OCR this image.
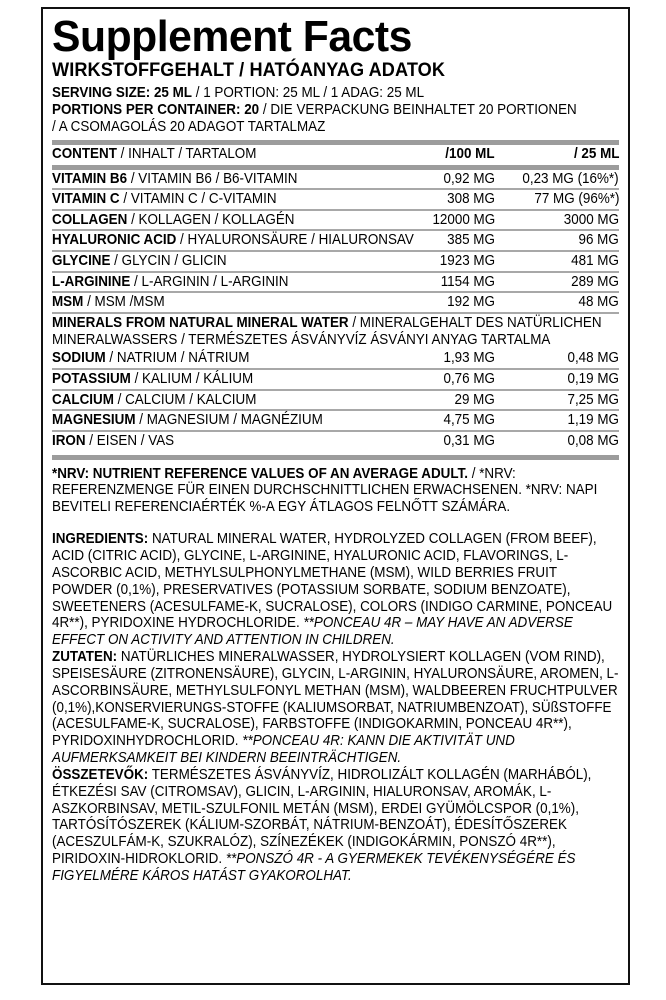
Supplement Facts
WIRKSTOFFGEHALT / HATÓANYAG ADATOK
SERVING SIZE: 25 ML / 1 PORTION: 25 ML / 1 ADAG: 25 ML
PORTIONS PER CONTAINER: 20 / DIE VERPACKUNG BEINHALTET 20 PORTIONEN
/ A CSOMAGOLÁS 20 ADAGOT TARTALMAZ
CONTENT / INHALT / TARTALOM	/100 ML	/ 25 ML

VITAMIN B6 / VITAMIN B6 / B6-VITAMIN	0,92 MG	0,23 MG (16%*)

VITAMIN C / VITAMIN C / C-VITAMIN	308 MG	77 MG (96%*)

COLLAGEN / KOLLAGEN / KOLLAGÉN	12000 MG	3000 MG

HYALURONIC ACID / HYALURONSÄURE / HIALURONSAV	385 MG	96 MG

GLYCINE / GLYCIN / GLICIN	1923 MG	481 MG

L-ARGININE / L-ARGININ / L-ARGININ	1154 MG	289 MG

MSM / MSM /MSM	192 MG	48 MG

MINERALS FROM NATURAL MINERAL WATER / MINERALGEHALT DES NATÜRLICHEN MINERALWASSERS / TERMÉSZETES ÁSVÁNYVÍZ ÁSVÁNYI ANYAG TARTALMA		

SODIUM / NATRIUM / NÁTRIUM	1,93 MG	0,48 MG

POTASSIUM / KALIUM / KÁLIUM	0,76 MG	0,19 MG

CALCIUM / CALCIUM / KALCIUM	29 MG	7,25 MG

MAGNESIUM / MAGNESIUM / MAGNÉZIUM	4,75 MG	1,19 MG

IRON / EISEN / VAS	0,31 MG	0,08 MG

*NRV: NUTRIENT REFERENCE VALUES OF AN AVERAGE ADULT. / *NRV: REFERENZMENGE FÜR EINEN DURCHSCHNITTLICHEN ERWACHSENEN. *NRV: NAPI BEVITELI REFERENCIAÉRTÉK %-A EGY ÁTLAGOS FELNŐTT SZÁMÁRA.

INGREDIENTS: NATURAL MINERAL WATER, HYDROLYZED COLLAGEN (FROM BEEF), ACID (CITRIC ACID), GLYCINE, L-ARGININE, HYALURONIC ACID, FLAVORINGS, L-ASCORBIC ACID, METHYLSULPHONYLMETHANE (MSM), WILD BERRIES FRUIT POWDER (0,1%), PRESERVATIVES (POTASSIUM SORBATE, SODIUM BENZOATE), SWEETENERS (ACESULFAME-K, SUCRALOSE), COLORS (INDIGO CARMINE, PONCEAU 4R**), PYRIDOXINE HYDROCHLORIDE. **PONCEAU 4R – MAY HAVE AN ADVERSE EFFECT ON ACTIVITY AND ATTENTION IN CHILDREN.

ZUTATEN: NATÜRLICHES MINERALWASSER, HYDROLYSIERT KOLLAGEN (VOM RIND), SPEISESÄURE (ZITRONENSÄURE), GLYCIN, L-ARGININ, HYALURONSÄURE, AROMEN, L-ASCORBINSÄURE, METHYLSULFONYL METHAN (MSM), WALDBEEREN FRUCHTPULVER (0,1%),KONSERVIERUNGS-STOFFE (KALIUMSORBAT, NATRIUMBENZOAT), SÜßSTOFFE (ACESULFAME-K, SUCRALOSE), FARBSTOFFE (INDIGOKARMIN, PONCEAU 4R**), PYRIDOXINHYDROCHLORID. **PONCEAU 4R: KANN DIE AKTIVITÄT UND AUFMERKSAMKEIT BEI KINDERN BEEINTRÄCHTIGEN.

ÖSSZETEVŐK: TERMÉSZETES ÁSVÁNYVÍZ, HIDROLIZÁLT KOLLAGÉN (MARHÁBÓL), ÉTKEZÉSI SAV (CITROMSAV), GLICIN, L-ARGININ, HIALURONSAV, AROMÁK, L-ASZKORBINSAV, METIL-SZULFONIL METÁN (MSM), ERDEI GYÜMÖLCSPOR (0,1%), TARTÓSÍTÓSZEREK (KÁLIUM-SZORBÁT, NÁTRIUM-BENZOÁT), ÉDESÍTŐSZEREK (ACESZULFÁM-K, SZUKRALÓZ), SZÍNEZÉKEK (INDIGOKÁRMIN, PONSZÓ 4R**), PIRIDOXIN-HIDROKLORID. **PONSZÓ 4R - A GYERMEKEK TEVÉKENYSÉGÉRE ÉS FIGYELMÉRE KÁROS HATÁST GYAKOROLHAT.
